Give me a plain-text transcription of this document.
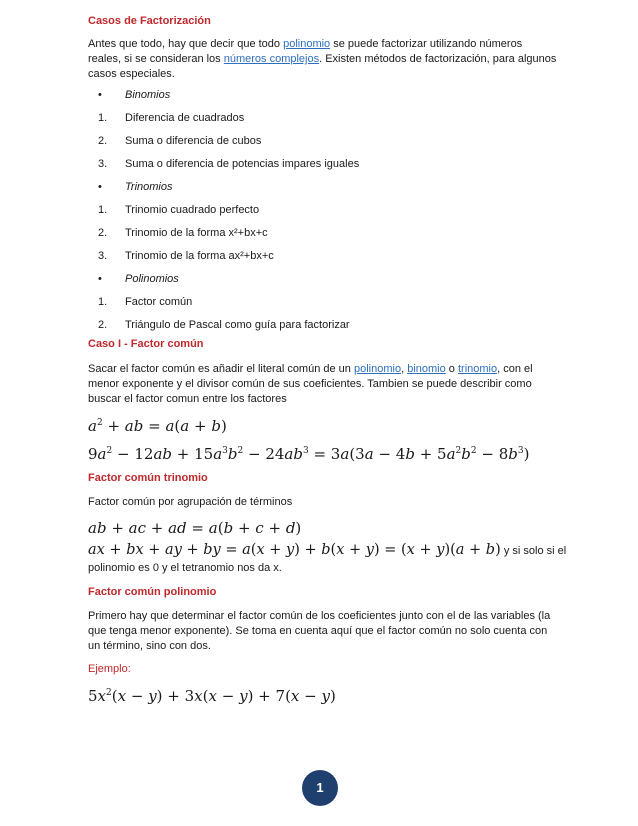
Casos de Factorización

Antes que todo, hay que decir que todo polinomio se puede factorizar utilizando números reales, si se consideran los números complejos. Existen métodos de factorización, para algunos casos especiales.

•	Binomios
1.	Diferencia de cuadrados
2.	Suma o diferencia de cubos
3.	Suma o diferencia de potencias impares iguales
•	Trinomios
1.	Trinomio cuadrado perfecto
2.	Trinomio de la forma x²+bx+c
3.	Trinomio de la forma ax²+bx+c
•	Polinomios
1.	Factor común
2.	Triángulo de Pascal como guía para factorizar

Caso I - Factor común

Sacar el factor común es añadir el literal común de un polinomio, binomio o trinomio, con el menor exponente y el divisor común de sus coeficientes. Tambien se puede describir como buscar el factor comun entre los factores

$a^2$ + ab = a(a + b)
$9a^2 - 12ab + 15a^3b^2 - 24ab^3 = 3a(3a - 4b + 5a^2b^2 - 8b^3)$

Factor común trinomio

Factor común por agrupación de términos

ab + ac + ad = a(b + c + d)
ax + bx + ay + by = a(x + y) + b(x + y) = (x + y)(a + b) y si solo si el

polinomio es 0 y el tetranomio nos da x.

Factor común polinomio

Primero hay que determinar el factor común de los coeficientes junto con el de las variables (la que tenga menor exponente). Se toma en cuenta aquí que el factor común no solo cuenta con un término, sino con dos.

Ejemplo:

$5x^2(x - y) + 3x(x - y) + 7(x - y)$
1
